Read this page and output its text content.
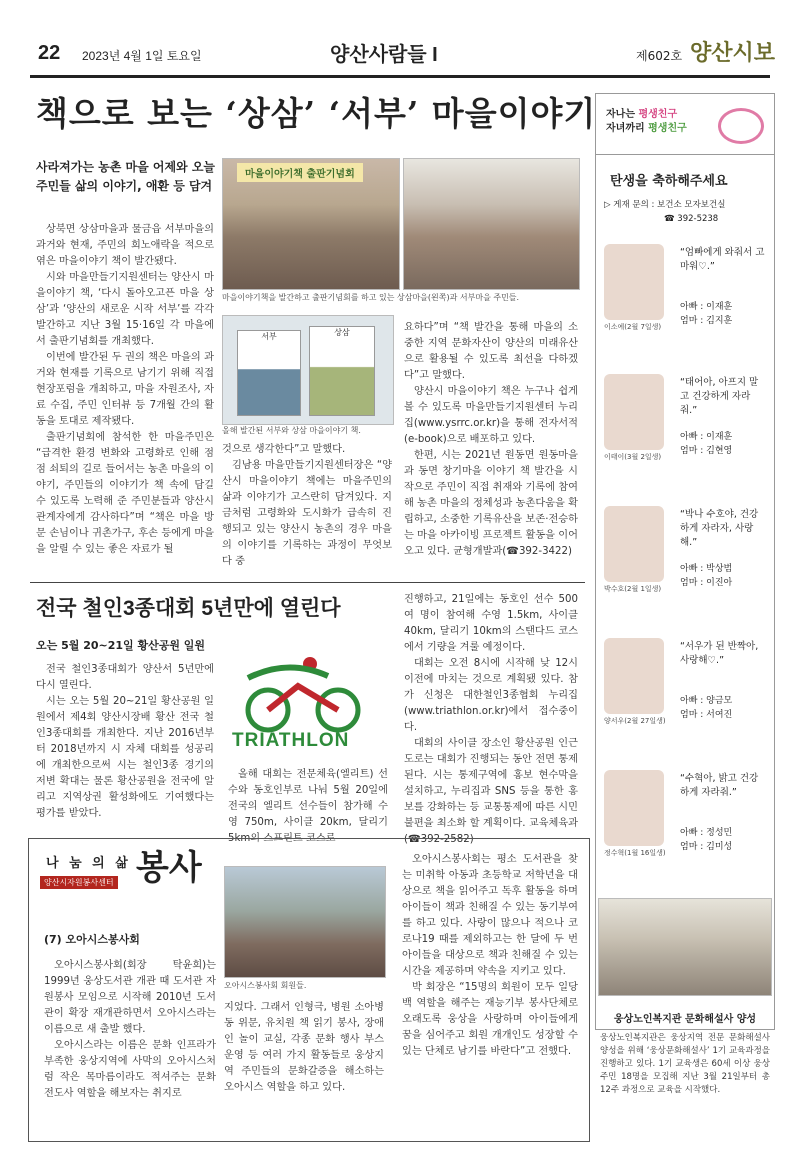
22 2023년 4월 1일 토요일	양산사람들 I	제602호 양산시보
책으로 보는 ‘상삼’ ‘서부’ 마을이야기
사라져가는 농촌 마을 어제와 오늘
주민들 삶의 이야기, 애환 등 담겨

상북면 상삼마을과 물금읍 서부마을의 과거와 현재, 주민의 희노애락을 적으로 엮은 마을이야기 책이 발간됐다.

시와 마을만들기지원센터는 양산시 마을이야기 책, ‘다시 돌아오고픈 마을 상삼’과 ‘양산의 새로운 시작 서부’를 각각 발간하고 지난 3월 15·16일 각 마을에서 출판기념회를 개최했다.

이번에 발간된 두 권의 책은 마을의 과거와 현재를 기록으로 남기기 위해 직접 현장포럼을 개최하고, 마을 자원조사, 자료 수집, 주민 인터뷰 등 7개월 간의 활동을 토대로 제작됐다.

출판기념회에 참석한 한 마을주민은 “급격한 환경 변화와 고령화로 인해 점점 쇠퇴의 길로 들어서는 농촌 마을의 이야기, 주민들의 이야기가 책 속에 담길 수 있도록 노력해 준 주민분들과 양산시 관계자에게 감사하다”며 “책은 마을 방문 손님이나 귀촌가구, 후손 등에게 마을을 알릴 수 있는 좋은 자료가 될

마을이야기책 출판기념회
마을이야기책을 발간하고 출판기념회를 하고 있는 상삼마을(왼쪽)과 서부마을 주민들.
서부	상삼
올해 발간된 서부와 상삼 마을이야기 책.

것으로 생각한다”고 말했다.

김남용 마을만들기지원센터장은 “양산시 마을이야기 책에는 마을주민의 삶과 이야기가 고스란히 담겨있다. 지금처럼 고령화와 도시화가 급속히 진행되고 있는 양산시 농촌의 경우 마을의 이야기를 기록하는 과정이 무엇보다 중

요하다”며 “책 발간을 통해 마을의 소중한 지역 문화자산이 양산의 미래유산으로 활용될 수 있도록 최선을 다하겠다”고 말했다.

양산시 마을이야기 책은 누구나 쉽게 볼 수 있도록 마을만들기지원센터 누리집(www.ysrrc.or.kr)을 통해 전자서적(e-book)으로 배포하고 있다.

한편, 시는 2021년 원동면 원동마을과 동면 창기마을 이야기 책 발간을 시작으로 주민이 직접 취재와 기록에 참여해 농촌 마을의 정체성과 농촌다움을 확립하고, 소중한 기록유산을 보존·전승하는 마을 아카이빙 프로젝트 활동을 이어오고 있다. 균형개발과(☎392-3422)

전국 철인3종대회 5년만에 열린다
오는 5월 20~21일 황산공원 일원

전국 철인3종대회가 양산서 5년만에 다시 열린다.

시는 오는 5월 20~21일 황산공원 일원에서 제4회 양산시장배 황산 전국 철인3종대회를 개최한다. 지난 2016년부터 2018년까지 시 자체 대회를 성공리에 개최한으로써 시는 철인3종 경기의 저변 확대는 물론 황산공원을 전국에 알리고 지역상권 활성화에도 기여했다는 평가를 받았다.

TRIATHLON

올해 대회는 전문체육(엘리트) 선수와 동호인부로 나눠 5월 20일에 전국의 엘리트 선수들이 참가해 수영 750m, 사이클 20km, 달리기 5km의 스프린트 코스로

진행하고, 21일에는 동호인 선수 500여 명이 참여해 수영 1.5km, 사이클 40km, 달리기 10km의 스탠다드 코스에서 기량을 겨룰 예정이다.

대회는 오전 8시에 시작해 낮 12시 이전에 마치는 것으로 계획됐 있다. 참가 신청은 대한철인3종협회 누리집(www.triathlon.or.kr)에서 접수중이다.

대회의 사이클 장소인 황산공원 인근 도로는 대회가 진행되는 동안 전면 통제된다. 시는 통제구역에 홍보 현수막을 설치하고, 누리집과 SNS 등을 통한 홍보를 강화하는 등 교통통제에 따른 시민 불편을 최소화 할 계획이다. 교육체육과(☎392-2582)

나 눔 의 삶
양산시자원봉사센터 봉사
(7) 오아시스봉사회

오아시스봉사회(회장 탁윤희)는 1999년 웅상도서관 개관 때 도서관 자원봉사 모임으로 시작해 2010년 도서관이 확장 재개관하면서 오아시스라는 이름으로 새 출발 했다.

오아시스라는 이름은 문화 인프라가 부족한 웅상지역에 사막의 오아시스처럼 작은 목마름이라도 적셔주는 문화 전도사 역할을 해보자는 취지로

오아시스봉사회 회원들.

지었다. 그래서 인형극, 병원 소아병동 위문, 유치원 책 읽기 봉사, 장애인 놀이 교실, 각종 문화 행사 부스 운영 등 여러 가지 활동들로 웅상지역 주민들의 문화갈증을 해소하는 오아시스 역할을 하고 있다.

오아시스봉사회는 평소 도서관을 찾는 미취학 아동과 초등학교 저학년을 대상으로 책을 읽어주고 독후 활동을 하며 아이들이 책과 친해질 수 있는 동기부여를 하고 있다. 사랑이 많으나 적으나 코로나19 때를 제외하고는 한 달에 두 번 아이들을 대상으로 책과 친해질 수 있는 시간을 제공하며 약속을 지키고 있다.

박 회장은 “15명의 회원이 모두 일당백 역할을 해주는 재능기부 봉사단체로 오래도록 웅상을 사랑하며 아이들에게 꿈을 심어주고 회원 개개인도 성장할 수 있는 단체로 남기를 바란다”고 전했다.

자나는 평생친구
자녀까리 평생친구
탄생을 축하해주세요
▷ 게재 문의 : 보건소 모자보건실
☎ 392-5238
이소예(2월 7일생)
“엄빠에게 와줘서 고마워♡.”
아빠 : 이재훈
엄마 : 김지훈
이태이(3월 2일생)
“태어아, 아프지 말고 건강하게 자라줘.”
아빠 : 이재훈
엄마 : 김현영
박수호(2월 1일생)
“박나 수호야, 건강하게 자라자, 사랑해.”
아빠 : 박상범
엄마 : 이진아
양서우(2월 27일생)
“서우가 된 반짝아, 사랑해♡.”
아빠 : 양금모
엄마 : 서여진
정수혁(1월 16일생)
“수혁아, 밝고 건강하게 자라줘.”
아빠 : 정성민
엄마 : 김미성
웅상노인복지관 문화해설사 양성
웅상노인복지관은 웅상지역 전문 문화해설사 양성을 위해 ‘웅상문화해설사’ 1기 교육과정을 진행하고 있다. 1기 교육생은 60세 이상 웅상주민 18명을 모집해 지난 3월 21일부터 총 12주 과정으로 교육을 시작했다.
